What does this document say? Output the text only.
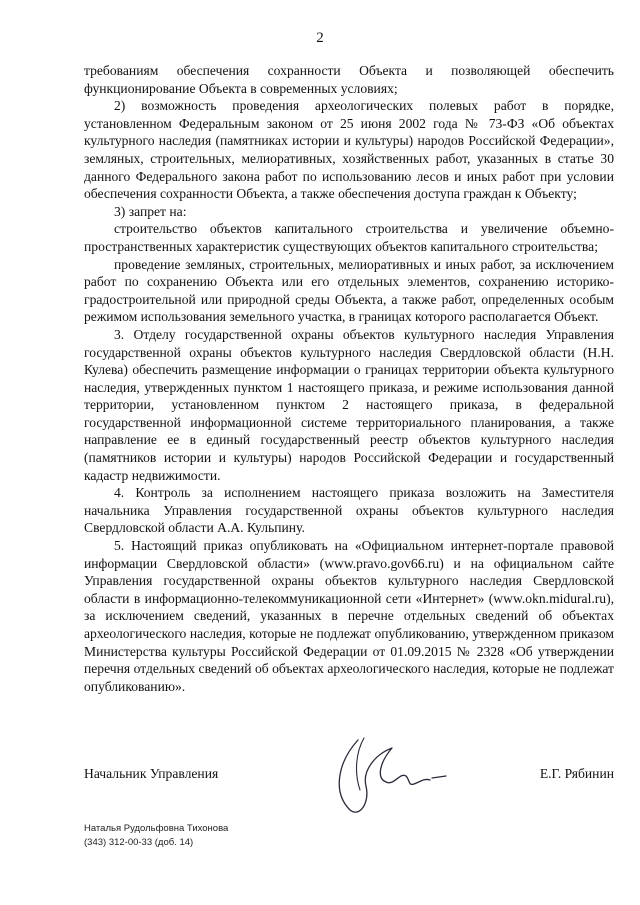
2

требованиям обеспечения сохранности Объекта и позволяющей обеспечить функционирование Объекта в современных условиях;

2) возможность проведения археологических полевых работ в порядке, установленном Федеральным законом от 25 июня 2002 года № 73-ФЗ «Об объектах культурного наследия (памятниках истории и культуры) народов Российской Федерации», земляных, строительных, мелиоративных, хозяйственных работ, указанных в статье 30 данного Федерального закона работ по использованию лесов и иных работ при условии обеспечения сохранности Объекта, а также обеспечения доступа граждан к Объекту;

3) запрет на:

строительство объектов капитального строительства и увеличение объемно-пространственных характеристик существующих объектов капитального строительства;

проведение земляных, строительных, мелиоративных и иных работ, за исключением работ по сохранению Объекта или его отдельных элементов, сохранению историко-градостроительной или природной среды Объекта, а также работ, определенных особым режимом использования земельного участка, в границах которого располагается Объект.

3. Отделу государственной охраны объектов культурного наследия Управления государственной охраны объектов культурного наследия Свердловской области (Н.Н. Кулева) обеспечить размещение информации о границах территории объекта культурного наследия, утвержденных пунктом 1 настоящего приказа, и режиме использования данной территории, установленном пунктом 2 настоящего приказа, в федеральной государственной информационной системе территориального планирования, а также направление ее в единый государственный реестр объектов культурного наследия (памятников истории и культуры) народов Российской Федерации и государственный кадастр недвижимости.

4. Контроль за исполнением настоящего приказа возложить на Заместителя начальника Управления государственной охраны объектов культурного наследия Свердловской области А.А. Кульпину.

5. Настоящий приказ опубликовать на «Официальном интернет-портале правовой информации Свердловской области» (www.pravo.gov66.ru) и на официальном сайте Управления государственной охраны объектов культурного наследия Свердловской области в информационно-телекоммуникационной сети «Интернет» (www.okn.midural.ru), за исключением сведений, указанных в перечне отдельных сведений об объектах археологического наследия, которые не подлежат опубликованию, утвержденном приказом Министерства культуры Российской Федерации от 01.09.2015 № 2328 «Об утверждении перечня отдельных сведений об объектах археологического наследия, которые не подлежат опубликованию».

Начальник Управления	Е.Г. Рябинин
Наталья Рудольфовна Тихонова
(343) 312-00-33 (доб. 14)
